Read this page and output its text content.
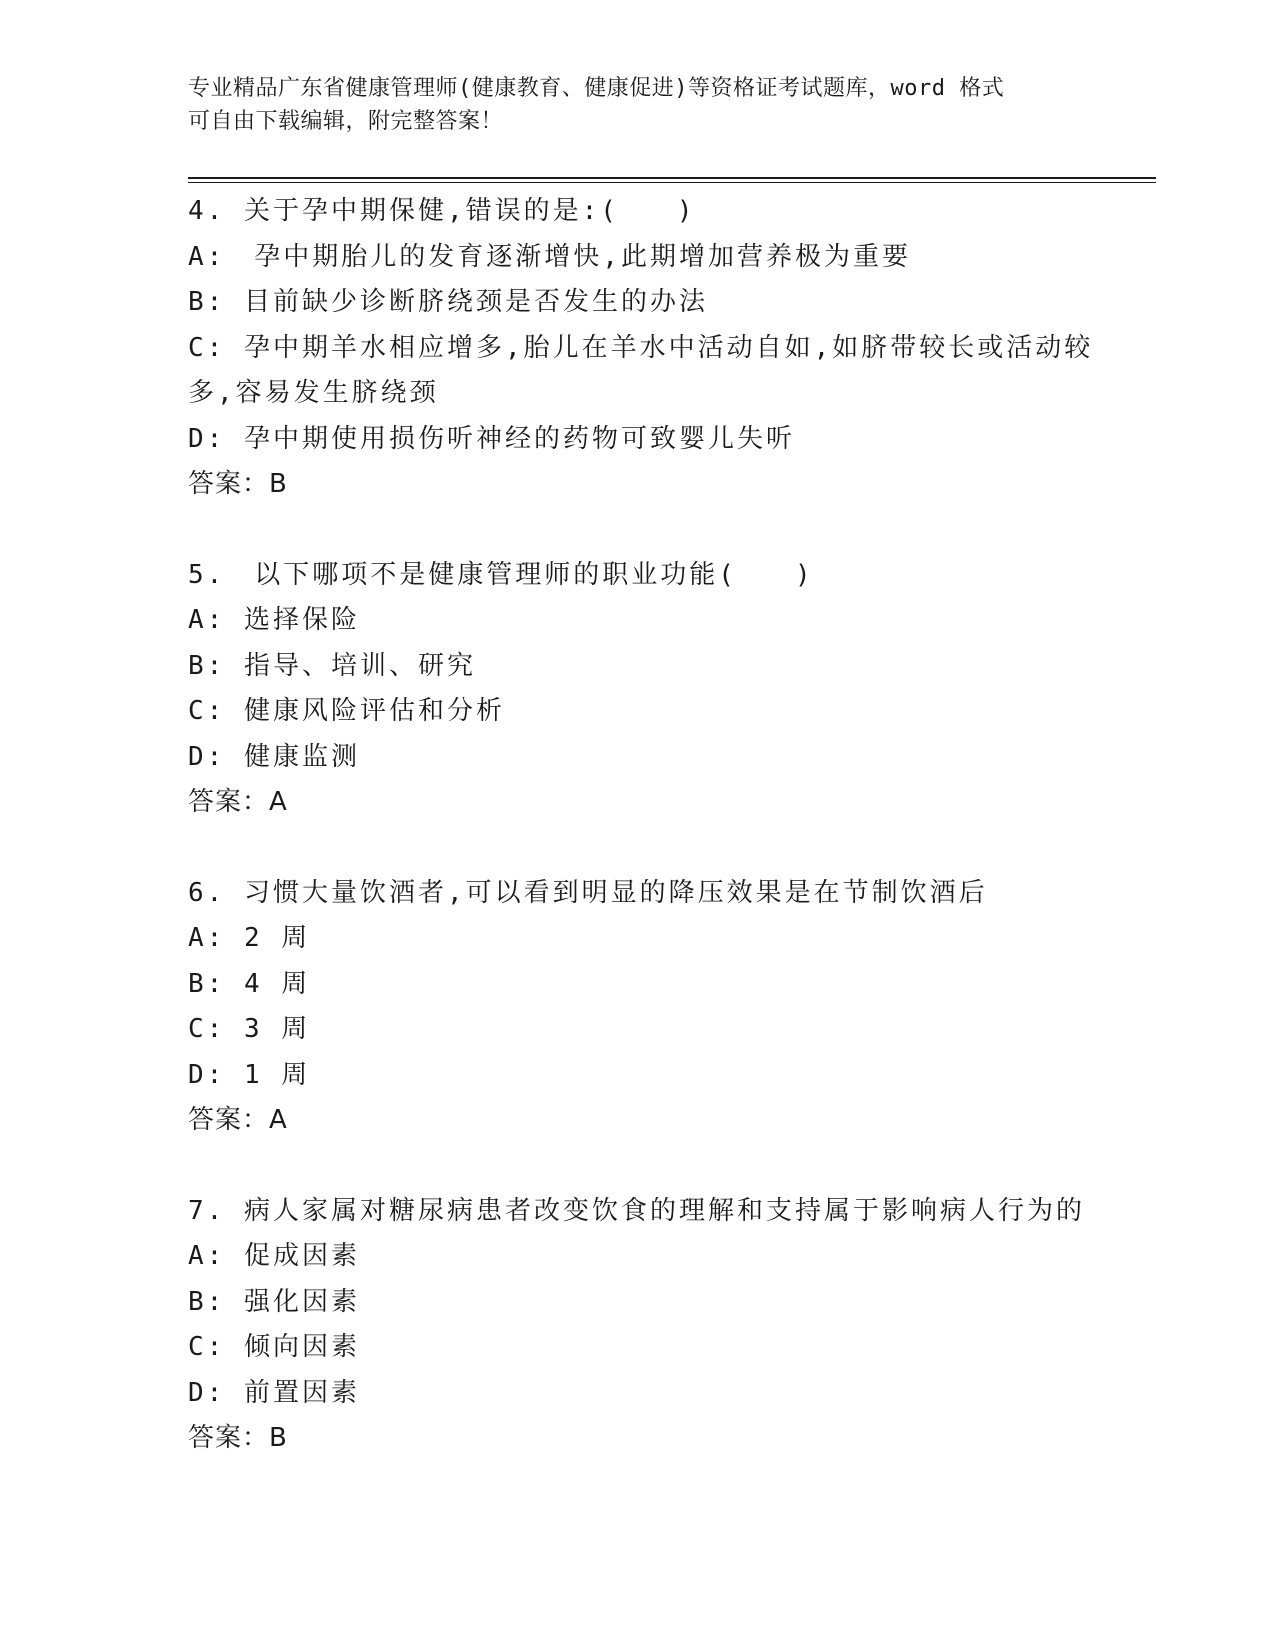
专业精品广东省健康管理师(健康教育、健康促进)等资格证考试题库，word 格式
可自由下载编辑，附完整答案！
4. 关于孕中期保健,错误的是:(　　)
A:　孕中期胎儿的发育逐渐增快,此期增加营养极为重要
B: 目前缺少诊断脐绕颈是否发生的办法
C: 孕中期羊水相应增多,胎儿在羊水中活动自如,如脐带较长或活动较
多,容易发生脐绕颈
D: 孕中期使用损伤听神经的药物可致婴儿失听
答案：B
5.　以下哪项不是健康管理师的职业功能(　　)
A: 选择保险
B: 指导、培训、研究
C: 健康风险评估和分析
D: 健康监测
答案：A
6. 习惯大量饮酒者,可以看到明显的降压效果是在节制饮酒后
A: 2 周
B: 4 周
C: 3 周
D: 1 周
答案：A
7. 病人家属对糖尿病患者改变饮食的理解和支持属于影响病人行为的
A: 促成因素
B: 强化因素
C: 倾向因素
D: 前置因素
答案：B
